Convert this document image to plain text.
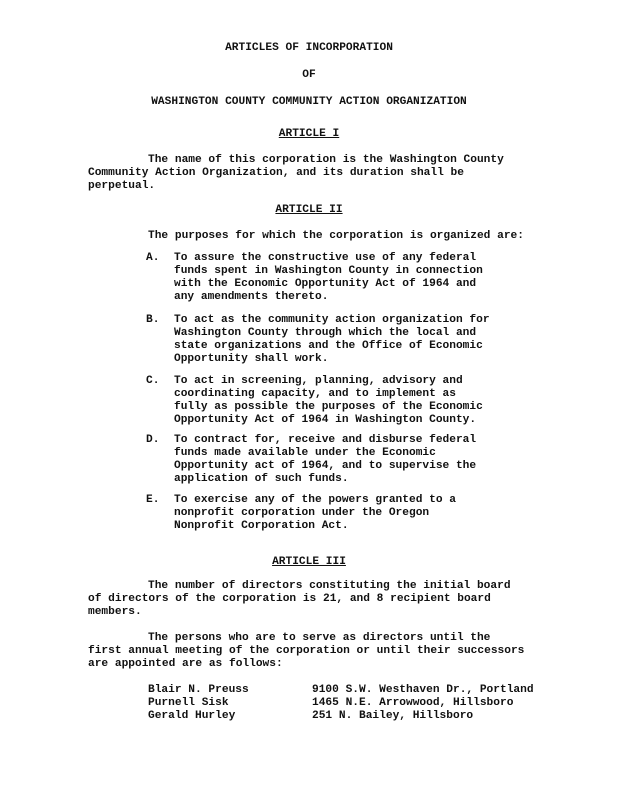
ARTICLES OF INCORPORATION
OF
WASHINGTON COUNTY COMMUNITY ACTION ORGANIZATION
ARTICLE I
The name of this corporation is the Washington County
Community Action Organization, and its duration shall be
perpetual.
ARTICLE II
The purposes for which the corporation is organized are:
A. To assure the constructive use of any federal
funds spent in Washington County in connection
with the Economic Opportunity Act of 1964 and
any amendments thereto.
B. To act as the community action organization for
Washington County through which the local and
state organizations and the Office of Economic
Opportunity shall work.
C. To act in screening, planning, advisory and
coordinating capacity, and to implement as
fully as possible the purposes of the Economic
Opportunity Act of 1964 in Washington County.
D. To contract for, receive and disburse federal
funds made available under the Economic
Opportunity act of 1964, and to supervise the
application of such funds.
E. To exercise any of the powers granted to a
nonprofit corporation under the Oregon
Nonprofit Corporation Act.
ARTICLE III
The number of directors constituting the initial board
of directors of the corporation is 21, and 8 recipient board
members.
The persons who are to serve as directors until the
first annual meeting of the corporation or until their successors
are appointed are as follows:
Blair N. Preuss	9100 S.W. Westhaven Dr., Portland
Purnell Sisk	1465 N.E. Arrowwood, Hillsboro
Gerald Hurley	251 N. Bailey, Hillsboro
